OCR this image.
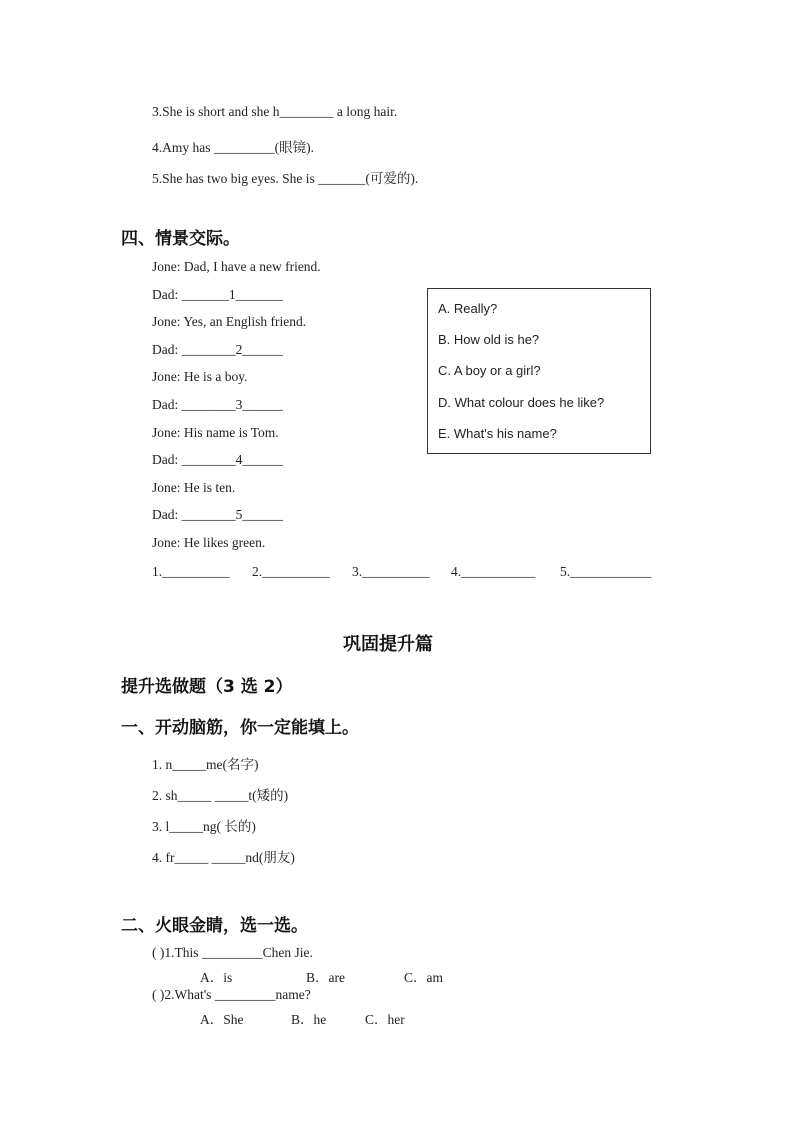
3.She is short and she h________ a long hair.
4.Amy has _________(眼镜).
5.She has two big eyes. She is _______(可爱的).
四、情景交际。
Jone: Dad, I have a new friend.
Dad: _______1_______
Jone: Yes, an English friend.
Dad: ________2______
Jone: He is a boy.
Dad: ________3______
Jone: His name is Tom.
Dad: ________4______
Jone: He is ten.
Dad: ________5______
Jone: He likes green.
A. Really?
B. How old is he?
C. A boy or a girl?
D. What colour does he like?
E. What's his name?
1.__________ 2.__________ 3.__________ 4.___________ 5.____________
巩固提升篇
提升选做题（3 选 2）
一、开动脑筋，你一定能填上。
1. n_____me(名字)
2. sh_____ _____t(矮的)
3. l_____ng( 长的)
4. fr_____ _____nd(朋友)
二、火眼金睛，选一选。
( )1.This _________Chen Jie.
A．is	B．are	C．am
( )2.What's _________name?
A．She	B．he	C．her
